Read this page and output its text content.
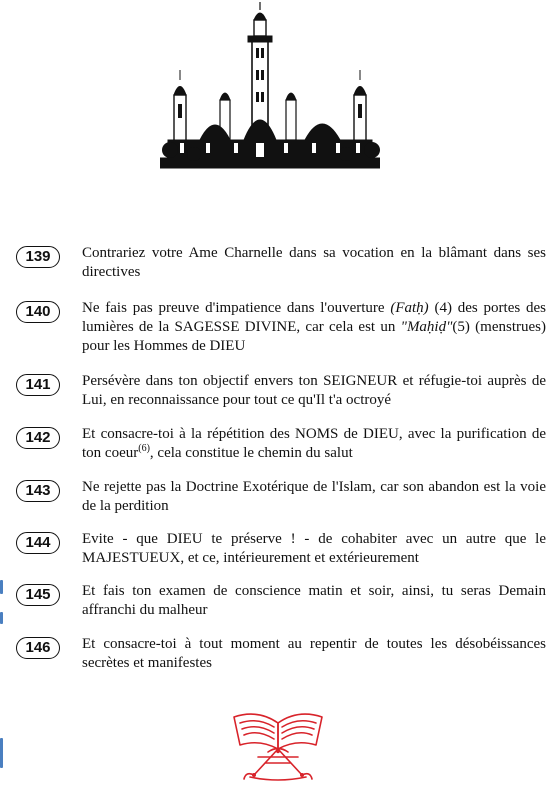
139	Contrariez votre Ame Charnelle dans sa vocation en la blâmant dans ses directives
140	Ne fais pas preuve d'impatience dans l'ouverture (Fatḥ) (4) des portes des lumières de la SAGESSE DIVINE, car cela est un "Maḥiḍ"(5) (menstrues) pour les Hommes de DIEU
141	Persévère dans ton objectif envers ton SEIGNEUR et réfugie-toi auprès de Lui, en reconnaissance pour tout ce qu'Il t'a octroyé
142	Et consacre-toi à la répétition des NOMS de DIEU, avec la purification de ton coeur$^{(6)}$, cela constitue le chemin du salut
143	Ne rejette pas la Doctrine Exotérique de l'Islam, car son abandon est la voie de la perdition
144	Evite - que DIEU te préserve ! - de cohabiter avec un autre que le MAJESTUEUX, et ce, intérieurement et extérieurement
145	Et fais ton examen de conscience matin et soir, ainsi, tu seras Demain affranchi du malheur
146	Et consacre-toi à tout moment au repentir de toutes les désobéissances secrètes et manifestes
